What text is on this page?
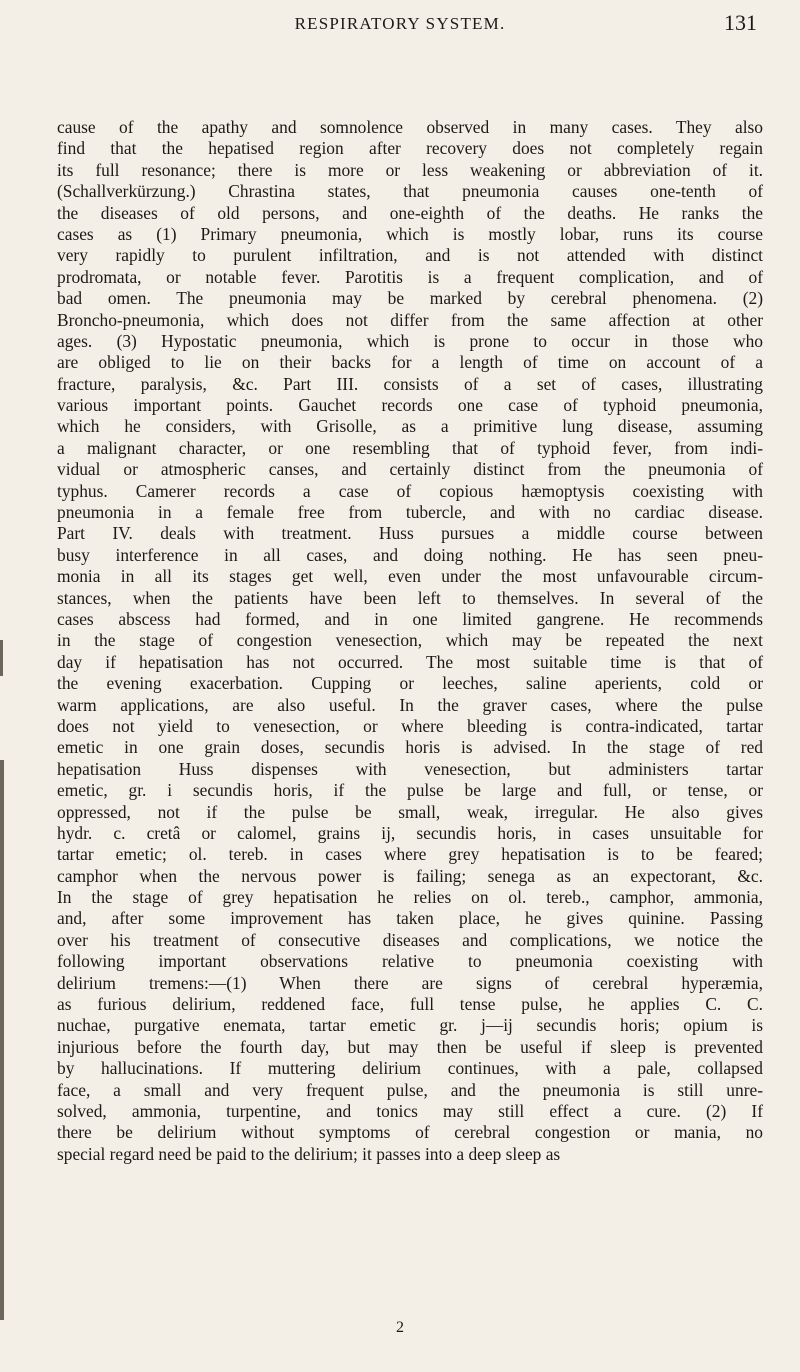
RESPIRATORY SYSTEM.	131
cause of the apathy and somnolence observed in many cases. They also
find that the hepatised region after recovery does not completely regain
its full resonance; there is more or less weakening or abbreviation of it.
(Schallverkürzung.) Chrastina states, that pneumonia causes one-tenth of
the diseases of old persons, and one-eighth of the deaths. He ranks the
cases as (1) Primary pneumonia, which is mostly lobar, runs its course
very rapidly to purulent infiltration, and is not attended with distinct
prodromata, or notable fever. Parotitis is a frequent complication, and of
bad omen. The pneumonia may be marked by cerebral phenomena. (2)
Broncho-pneumonia, which does not differ from the same affection at other
ages. (3) Hypostatic pneumonia, which is prone to occur in those who
are obliged to lie on their backs for a length of time on account of a
fracture, paralysis, &c. Part III. consists of a set of cases, illustrating
various important points. Gauchet records one case of typhoid pneumonia,
which he considers, with Grisolle, as a primitive lung disease, assuming
a malignant character, or one resembling that of typhoid fever, from indi-
vidual or atmospheric canses, and certainly distinct from the pneumonia of
typhus. Camerer records a case of copious hæmoptysis coexisting with
pneumonia in a female free from tubercle, and with no cardiac disease.
Part IV. deals with treatment. Huss pursues a middle course between
busy interference in all cases, and doing nothing. He has seen pneu-
monia in all its stages get well, even under the most unfavourable circum-
stances, when the patients have been left to themselves. In several of the
cases abscess had formed, and in one limited gangrene. He recommends
in the stage of congestion venesection, which may be repeated the next
day if hepatisation has not occurred. The most suitable time is that of
the evening exacerbation. Cupping or leeches, saline aperients, cold or
warm applications, are also useful. In the graver cases, where the pulse
does not yield to venesection, or where bleeding is contra-indicated, tartar
emetic in one grain doses, secundis horis is advised. In the stage of red
hepatisation Huss dispenses with venesection, but administers tartar
emetic, gr. i secundis horis, if the pulse be large and full, or tense, or
oppressed, not if the pulse be small, weak, irregular. He also gives
hydr. c. cretâ or calomel, grains ij, secundis horis, in cases unsuitable for
tartar emetic; ol. tereb. in cases where grey hepatisation is to be feared;
camphor when the nervous power is failing; senega as an expectorant, &c.
In the stage of grey hepatisation he relies on ol. tereb., camphor, ammonia,
and, after some improvement has taken place, he gives quinine. Passing
over his treatment of consecutive diseases and complications, we notice the
following important observations relative to pneumonia coexisting with
delirium tremens:—(1) When there are signs of cerebral hyperæmia,
as furious delirium, reddened face, full tense pulse, he applies C. C.
nuchae, purgative enemata, tartar emetic gr. j—ij secundis horis; opium is
injurious before the fourth day, but may then be useful if sleep is prevented
by hallucinations. If muttering delirium continues, with a pale, collapsed
face, a small and very frequent pulse, and the pneumonia is still unre-
solved, ammonia, turpentine, and tonics may still effect a cure. (2) If
there be delirium without symptoms of cerebral congestion or mania, no
special regard need be paid to the delirium; it passes into a deep sleep as
2
